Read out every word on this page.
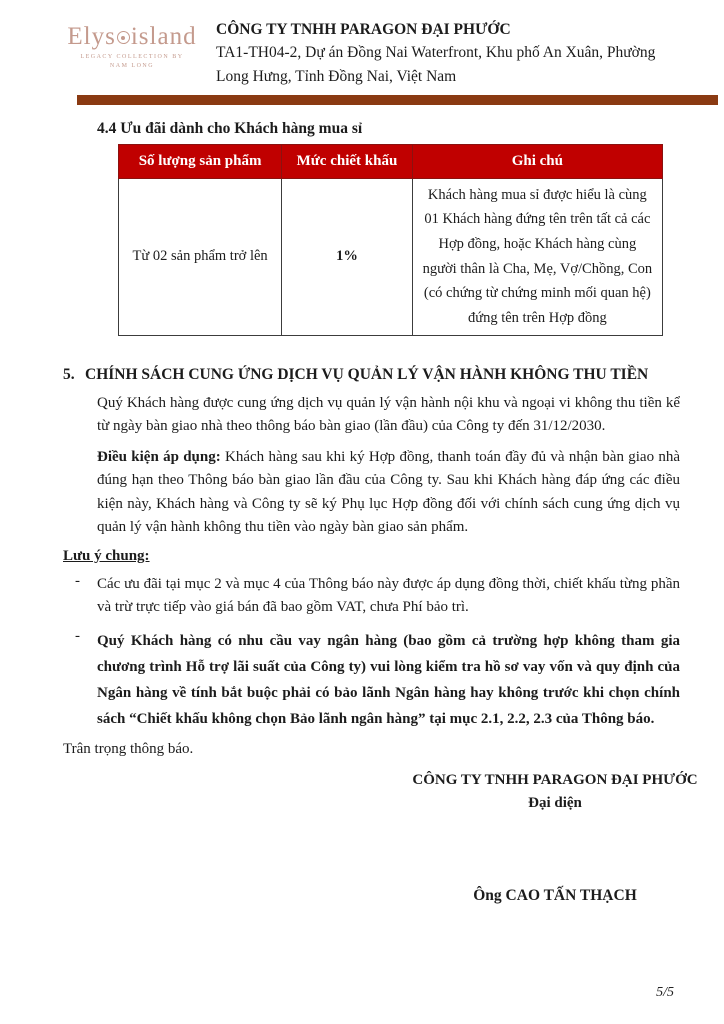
Elys island
LEGACY COLLECTION BY
NAM LONG
CÔNG TY TNHH PARAGON ĐẠI PHƯỚC
TA1-TH04-2, Dự án Đồng Nai Waterfront, Khu phố An Xuân, Phường Long Hưng, Tỉnh Đồng Nai, Việt Nam
4.4 Ưu đãi dành cho Khách hàng mua sỉ
Số lượng sản phẩm	Mức chiết khấu	Ghi chú
Từ 02 sản phẩm trở lên	1%	Khách hàng mua sỉ được hiểu là cùng 01 Khách hàng đứng tên trên tất cả các Hợp đồng, hoặc Khách hàng cùng người thân là Cha, Mẹ, Vợ/Chồng, Con (có chứng từ chứng minh mối quan hệ) đứng tên trên Hợp đồng
5. CHÍNH SÁCH CUNG ỨNG DỊCH VỤ QUẢN LÝ VẬN HÀNH KHÔNG THU TIỀN
Quý Khách hàng được cung ứng dịch vụ quản lý vận hành nội khu và ngoại vi không thu tiền kể từ ngày bàn giao nhà theo thông báo bàn giao (lần đầu) của Công ty đến 31/12/2030.
Điều kiện áp dụng: Khách hàng sau khi ký Hợp đồng, thanh toán đầy đủ và nhận bàn giao nhà đúng hạn theo Thông báo bàn giao lần đầu của Công ty. Sau khi Khách hàng đáp ứng các điều kiện này, Khách hàng và Công ty sẽ ký Phụ lục Hợp đồng đối với chính sách cung ứng dịch vụ quản lý vận hành không thu tiền vào ngày bàn giao sản phẩm.
Lưu ý chung:
-	Các ưu đãi tại mục 2 và mục 4 của Thông báo này được áp dụng đồng thời, chiết khấu từng phần và trừ trực tiếp vào giá bán đã bao gồm VAT, chưa Phí bảo trì.
-	Quý Khách hàng có nhu cầu vay ngân hàng (bao gồm cả trường hợp không tham gia chương trình Hỗ trợ lãi suất của Công ty) vui lòng kiểm tra hồ sơ vay vốn và quy định của Ngân hàng về tính bắt buộc phải có bảo lãnh Ngân hàng hay không trước khi chọn chính sách “Chiết khấu không chọn Bảo lãnh ngân hàng” tại mục 2.1, 2.2, 2.3 của Thông báo.
Trân trọng thông báo.
CÔNG TY TNHH PARAGON ĐẠI PHƯỚC
Đại diện
Ông CAO TẤN THẠCH
5/5
